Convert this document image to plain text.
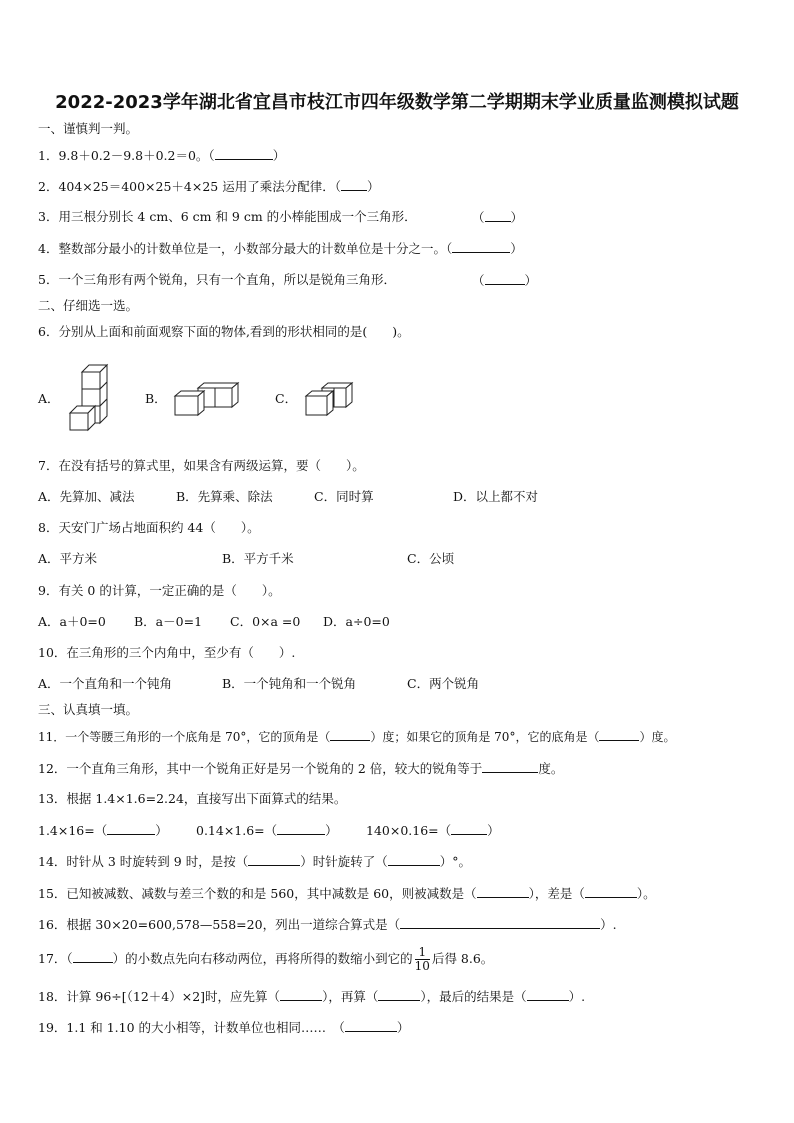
2022-2023学年湖北省宜昌市枝江市四年级数学第二学期期末学业质量监测模拟试题
一、谨慎判一判。
1．9.8＋0.2－9.8＋0.2＝0。（	）
2．404×25＝400×25＋4×25 运用了乘法分配律．（ ）
3．用三根分别长 4 cm、6 cm 和 9 cm 的小棒能围成一个三角形．	（ ）
4．整数部分最小的计数单位是一，小数部分最大的计数单位是十分之一。（	）
5．一个三角形有两个锐角，只有一个直角，所以是锐角三角形．	（	）
二、仔细选一选。
6．分别从上面和前面观察下面的物体,看到的形状相同的是(　　)。
A．	B．	C．
7．在没有括号的算式里，如果含有两级运算，要（　　）。
A．先算加、减法	B．先算乘、除法	C．同时算	D．以上都不对
8．天安门广场占地面积约 44（　　）。
A．平方米	B．平方千米	C．公顷
9．有关 0 的计算，一定正确的是（　　）。
A．a＋0=0 B．a－0=1 C．0×a =0 D．a÷0=0
10．在三角形的三个内角中，至少有（　　）.
A．一个直角和一个钝角	B．一个钝角和一个锐角	C．两个锐角
三、认真填一填。
11．一个等腰三角形的一个底角是 70°，它的顶角是（	）度；如果它的顶角是 70°，它的底角是（	）度。
12．一个直角三角形，其中一个锐角正好是另一个锐角的 2 倍，较大的锐角等于	度。
13．根据 1.4×1.6=2.24，直接写出下面算式的结果。
1.4×16=（	） 0.14×1.6=（	） 140×0.16=（	）
14．时针从 3 时旋转到 9 时，是按（	）时针旋转了（	）°。
15．已知被减数、减数与差三个数的和是 560，其中减数是 60，则被减数是（	），差是（	）。
16．根据 30×20=600,578—558=20，列出一道综合算式是（	）.
17．（	）的小数点先向右移动两位，再将所得的数缩小到它的 $\frac{1}{10}$ 后得 8.6。
18．计算 96÷[（12＋4）×2]时，应先算（	），再算（	），最后的结果是（	）.
19．1.1 和 1.10 的大小相等，计数单位也相同……　 （	）
